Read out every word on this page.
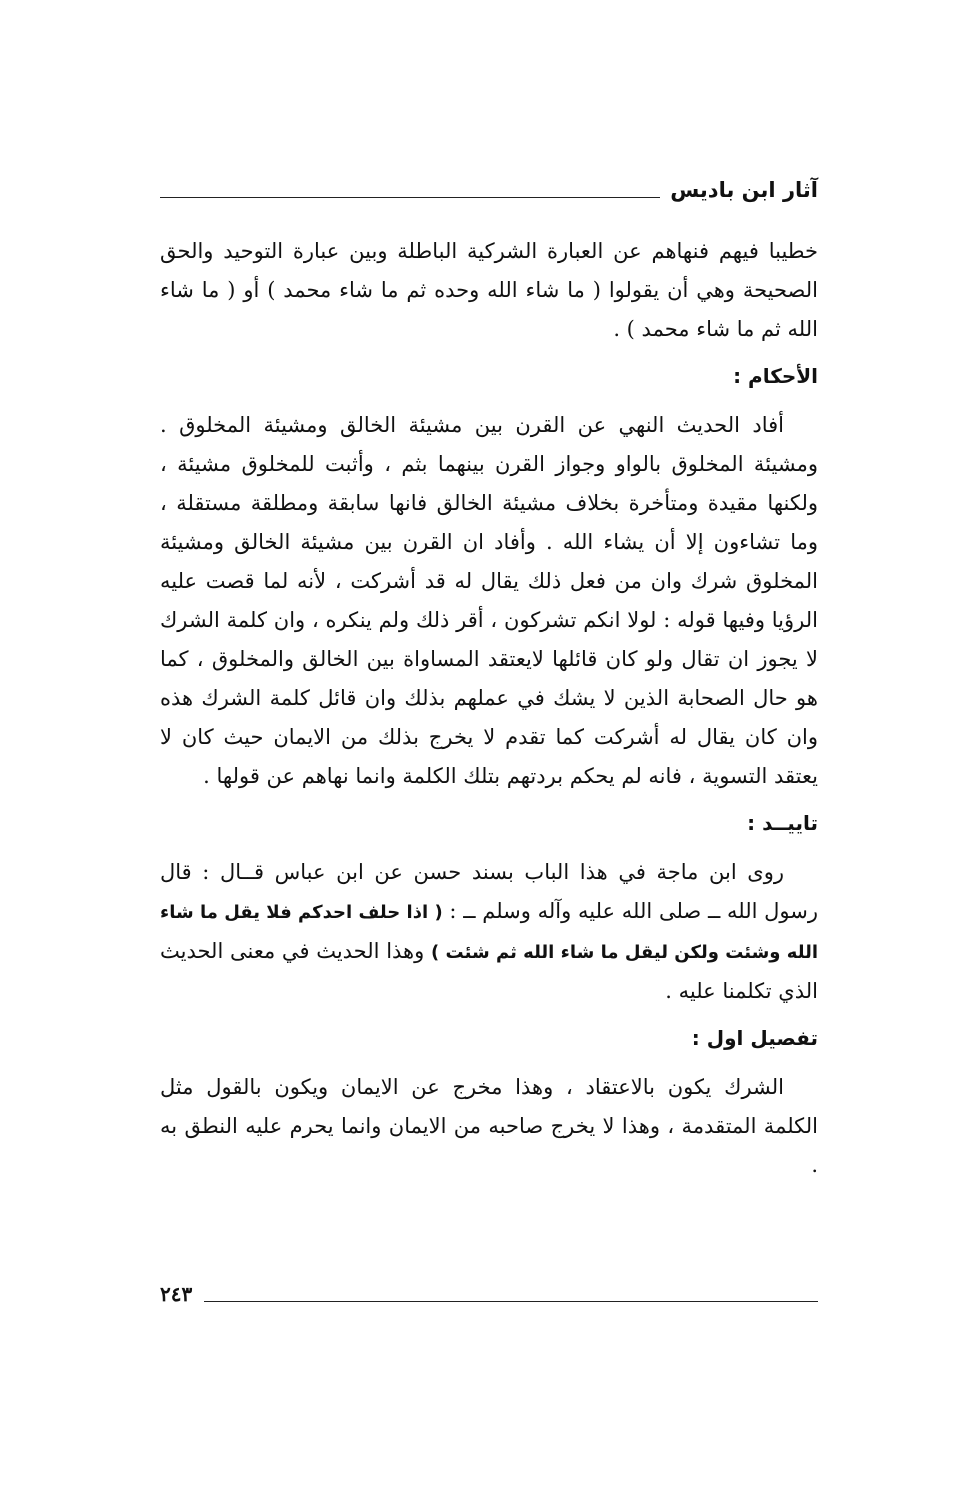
آثار ابن باديس

خطيبا فيهم فنهاهم عن العبارة الشركية الباطلة وبين عبارة التوحيد والحق الصحيحة وهي أن يقولوا ( ما شاء الله وحده ثم ما شاء محمد ) أو ( ما شاء الله ثم ما شاء محمد ) .

الأحكام :

أفاد الحديث النهي عن القرن بين مشيئة الخالق ومشيئة المخلوق . ومشيئة المخلوق بالواو وجواز القرن بينهما بثم ، وأثبت للمخلوق مشيئة ، ولكنها مقيدة ومتأخرة بخلاف مشيئة الخالق فانها سابقة ومطلقة مستقلة ، وما تشاءون إلا أن يشاء الله . وأفاد ان القرن بين مشيئة الخالق ومشيئة المخلوق شرك وان من فعل ذلك يقال له قد أشركت ، لأنه لما قصت عليه الرؤيا وفيها قوله : لولا انكم تشركون ، أقر ذلك ولم ينكره ، وان كلمة الشرك لا يجوز ان تقال ولو كان قائلها لايعتقد المساواة بين الخالق والمخلوق ، كما هو حال الصحابة الذين لا يشك في عملهم بذلك وان قائل كلمة الشرك هذه وان كان يقال له أشركت كما تقدم لا يخرج بذلك من الايمان حيث كان لا يعتقد التسوية ، فانه لم يحكم بردتهم بتلك الكلمة وانما نهاهم عن قولها .

تاييــد :

روى ابن ماجة في هذا الباب بسند حسن عن ابن عباس قــال : قال رسول الله ــ صلى الله عليه وآله وسلم ــ : ( اذا حلف احدكم فلا يقل ما شاء الله وشئت ولكن ليقل ما شاء الله ثم شئت ) وهذا الحديث في معنى الحديث الذي تكلمنا عليه .

تفصيل اول :

الشرك يكون بالاعتقاد ، وهذا مخرج عن الايمان ويكون بالقول مثل الكلمة المتقدمة ، وهذا لا يخرج صاحبه من الايمان وانما يحرم عليه النطق به .

٢٤٣
